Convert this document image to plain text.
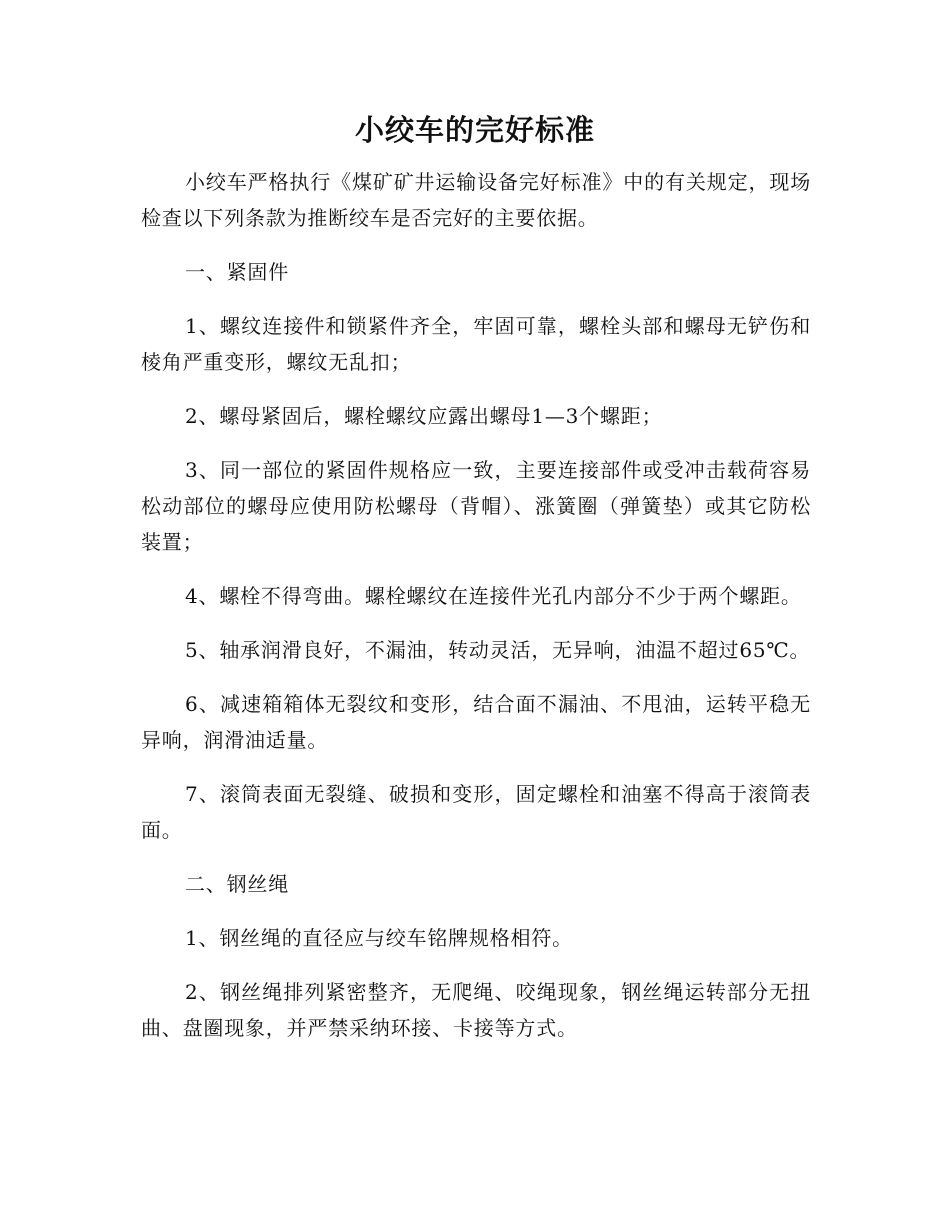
小绞车的完好标准

小绞车严格执行《煤矿矿井运输设备完好标准》中的有关规定，现场检查以下列条款为推断绞车是否完好的主要依据。

一、紧固件

1、螺纹连接件和锁紧件齐全，牢固可靠，螺栓头部和螺母无铲伤和棱角严重变形，螺纹无乱扣；

2、螺母紧固后，螺栓螺纹应露出螺母1—3个螺距；

3、同一部位的紧固件规格应一致，主要连接部件或受冲击载荷容易松动部位的螺母应使用防松螺母（背帽）、涨簧圈（弹簧垫）或其它防松装置；

4、螺栓不得弯曲。螺栓螺纹在连接件光孔内部分不少于两个螺距。

5、轴承润滑良好，不漏油，转动灵活，无异响，油温不超过65℃。

6、减速箱箱体无裂纹和变形，结合面不漏油、不甩油，运转平稳无异响，润滑油适量。

7、滚筒表面无裂缝、破损和变形，固定螺栓和油塞不得高于滚筒表面。

二、钢丝绳

1、钢丝绳的直径应与绞车铭牌规格相符。

2、钢丝绳排列紧密整齐，无爬绳、咬绳现象，钢丝绳运转部分无扭曲、盘圈现象，并严禁采纳环接、卡接等方式。
